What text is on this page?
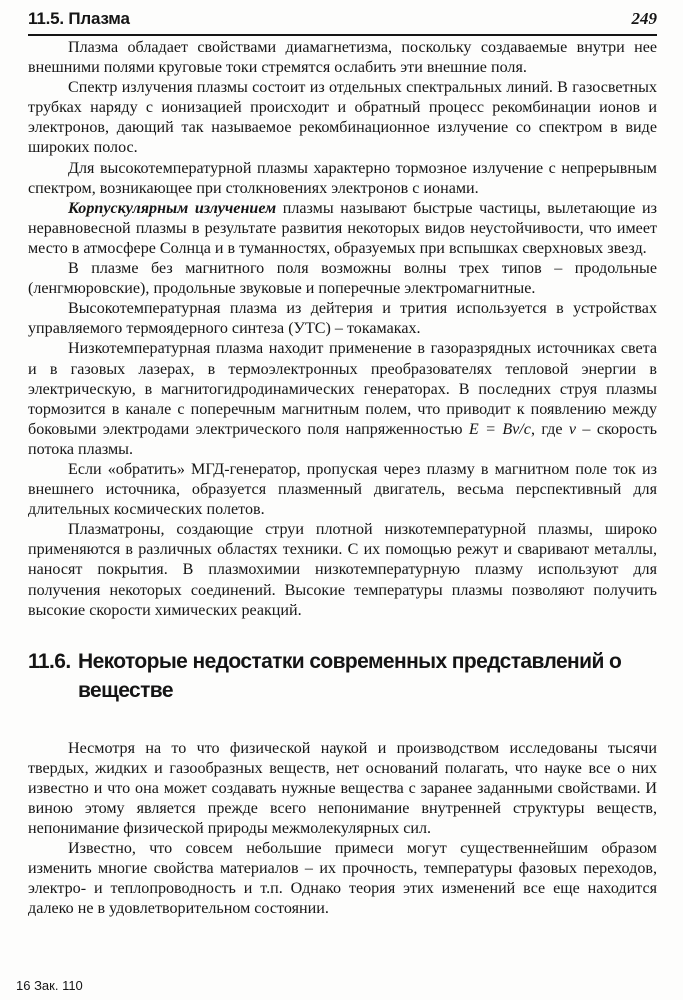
11.5. Плазма	249

Плазма обладает свойствами диамагнетизма, поскольку создаваемые внутри нее внешними полями круговые токи стремятся ослабить эти внешние поля.

Спектр излучения плазмы состоит из отдельных спектральных линий. В газосветных трубках наряду с ионизацией происходит и обратный процесс рекомбинации ионов и электронов, дающий так называемое рекомбинационное излучение со спектром в виде широких полос.

Для высокотемпературной плазмы характерно тормозное излучение с непрерывным спектром, возникающее при столкновениях электронов с ионами.

Корпускулярным излучением плазмы называют быстрые частицы, вылетающие из неравновесной плазмы в результате развития некоторых видов неустойчивости, что имеет место в атмосфере Солнца и в туманностях, образуемых при вспышках сверхновых звезд.

В плазме без магнитного поля возможны волны трех типов – продольные (ленгмюровские), продольные звуковые и поперечные электромагнитные.

Высокотемпературная плазма из дейтерия и трития используется в устройствах управляемого термоядерного синтеза (УТС) – токамаках.

Низкотемпературная плазма находит применение в газоразрядных источниках света и в газовых лазерах, в термоэлектронных преобразователях тепловой энергии в электрическую, в магнитогидродинамических генераторах. В последних струя плазмы тормозится в канале с поперечным магнитным полем, что приводит к появлению между боковыми электродами электрического поля напряженностью E = Bv/c, где v – скорость потока плазмы.

Если «обратить» МГД-генератор, пропуская через плазму в магнитном поле ток из внешнего источника, образуется плазменный двигатель, весьма перспективный для длительных космических полетов.

Плазматроны, создающие струи плотной низкотемпературной плазмы, широко применяются в различных областях техники. С их помощью режут и сваривают металлы, наносят покрытия. В плазмохимии низкотемпературную плазму используют для получения некоторых соединений. Высокие температуры плазмы позволяют получить высокие скорости химических реакций.

11.6. Некоторые недостатки современных представлений о веществе

Несмотря на то что физической наукой и производством исследованы тысячи твердых, жидких и газообразных веществ, нет оснований полагать, что науке все о них известно и что она может создавать нужные вещества с заранее заданными свойствами. И виною этому является прежде всего непонимание внутренней структуры веществ, непонимание физической природы межмолекулярных сил.

Известно, что совсем небольшие примеси могут существеннейшим образом изменить многие свойства материалов – их прочность, температуры фазовых переходов, электро- и теплопроводность и т.п. Однако теория этих изменений все еще находится далеко не в удовлетворительном состоянии.

16 Зак. 110
